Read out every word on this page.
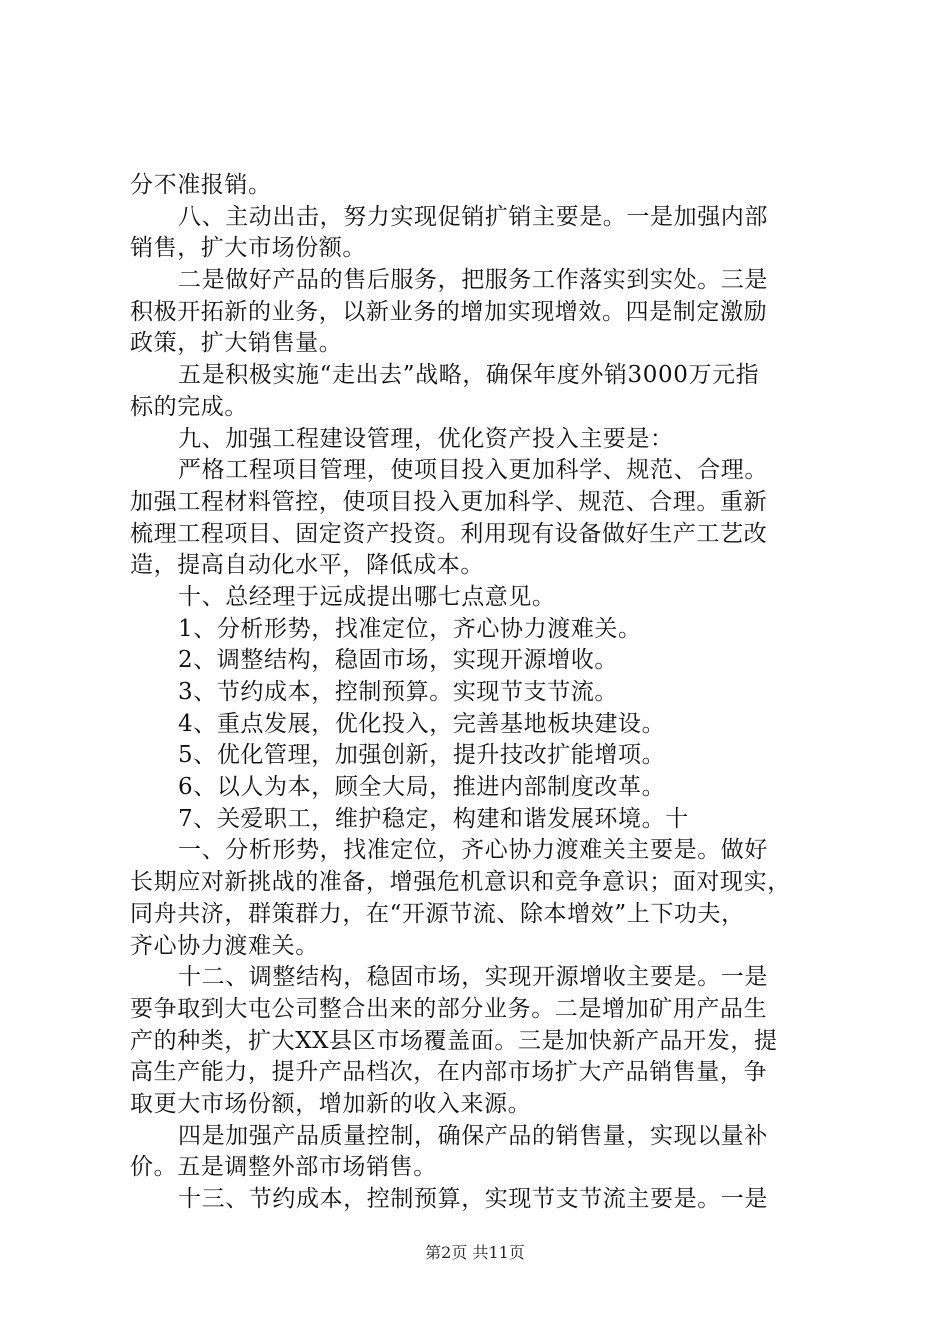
分不准报销。
八、主动出击，努力实现促销扩销主要是。一是加强内部
销售，扩大市场份额。
二是做好产品的售后服务，把服务工作落实到实处。三是
积极开拓新的业务，以新业务的增加实现增效。四是制定激励
政策，扩大销售量。
五是积极实施“走出去”战略，确保年度外销3000万元指
标的完成。
九、加强工程建设管理，优化资产投入主要是：
严格工程项目管理，使项目投入更加科学、规范、合理。
加强工程材料管控，使项目投入更加科学、规范、合理。重新
梳理工程项目、固定资产投资。利用现有设备做好生产工艺改
造，提高自动化水平，降低成本。
十、总经理于远成提出哪七点意见。
1、分析形势，找准定位，齐心协力渡难关。
2、调整结构，稳固市场，实现开源增收。
3、节约成本，控制预算。实现节支节流。
4、重点发展，优化投入，完善基地板块建设。
5、优化管理，加强创新，提升技改扩能增项。
6、以人为本，顾全大局，推进内部制度改革。
7、关爱职工，维护稳定，构建和谐发展环境。十
一、分析形势，找准定位，齐心协力渡难关主要是。做好
长期应对新挑战的准备，增强危机意识和竞争意识；面对现实，
同舟共济，群策群力，在“开源节流、除本增效”上下功夫，
齐心协力渡难关。
十二、调整结构，稳固市场，实现开源增收主要是。一是
要争取到大屯公司整合出来的部分业务。二是增加矿用产品生
产的种类，扩大XX县区市场覆盖面。三是加快新产品开发，提
高生产能力，提升产品档次，在内部市场扩大产品销售量，争
取更大市场份额，增加新的收入来源。
四是加强产品质量控制，确保产品的销售量，实现以量补
价。五是调整外部市场销售。
十三、节约成本，控制预算，实现节支节流主要是。一是
第2页 共11页
